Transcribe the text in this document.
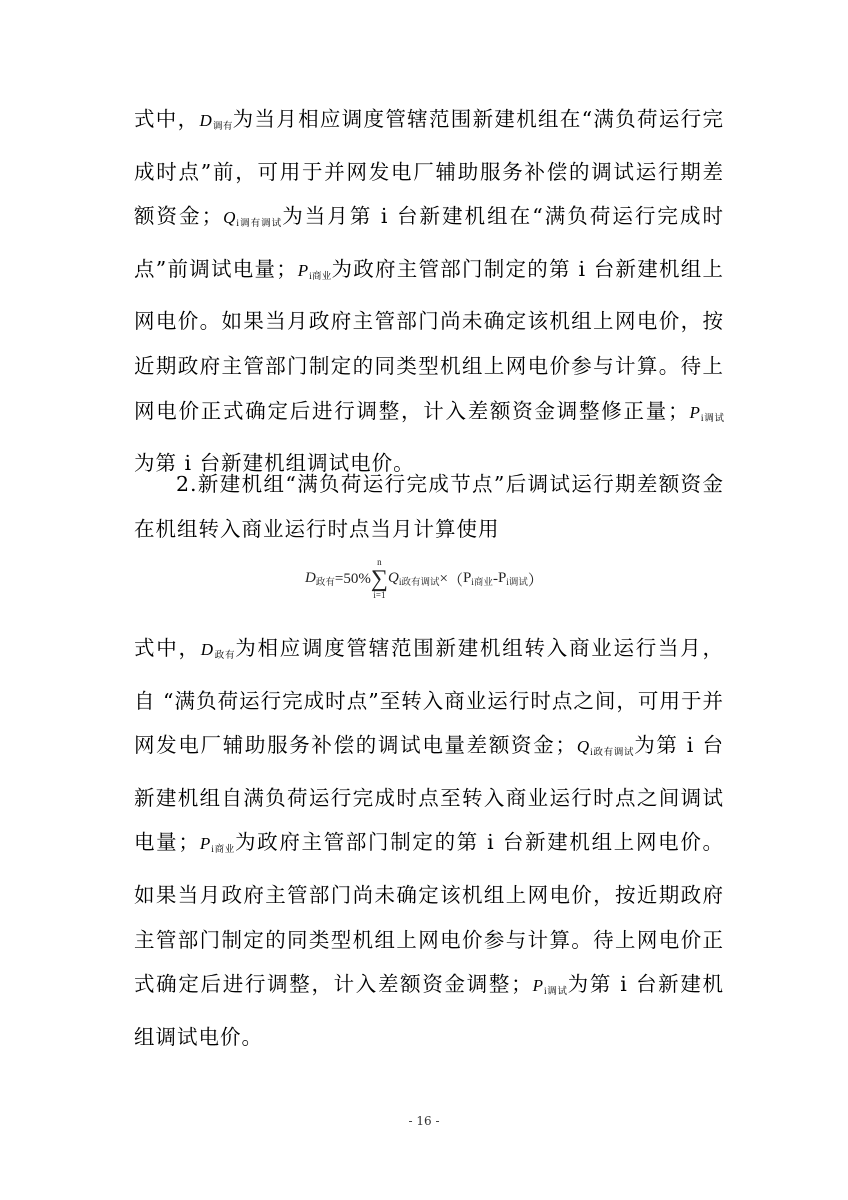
式中，$D_{调有}$为当月相应调度管辖范围新建机组在“满负荷运行完成时点”前，可用于并网发电厂辅助服务补偿的调试运行期差额资金；$Q_{i调有调试}$为当月第 i 台新建机组在“满负荷运行完成时点”前调试电量；$P_{i商业}$为政府主管部门制定的第 i 台新建机组上网电价。如果当月政府主管部门尚未确定该机组上网电价，按近期政府主管部门制定的同类型机组上网电价参与计算。待上网电价正式确定后进行调整，计入差额资金调整修正量；$P_{i调试}$为第 i 台新建机组调试电价。

2.新建机组“满负荷运行完成节点”后调试运行期差额资金在机组转入商业运行时点当月计算使用

$D_{政有}=50\%n$
∑
$i=1Q_{i政有调试}\times(P_{i商业}-P_{i调试})$

式中，$D_{政有}$为相应调度管辖范围新建机组转入商业运行当月，自 “满负荷运行完成时点”至转入商业运行时点之间，可用于并网发电厂辅助服务补偿的调试电量差额资金；$Q_{i政有调试}$为第 i 台新建机组自满负荷运行完成时点至转入商业运行时点之间调试电量；$P_{i商业}$为政府主管部门制定的第 i 台新建机组上网电价。如果当月政府主管部门尚未确定该机组上网电价，按近期政府主管部门制定的同类型机组上网电价参与计算。待上网电价正式确定后进行调整，计入差额资金调整；$P_{i调试}$为第 i 台新建机组调试电价。

- 16 -
